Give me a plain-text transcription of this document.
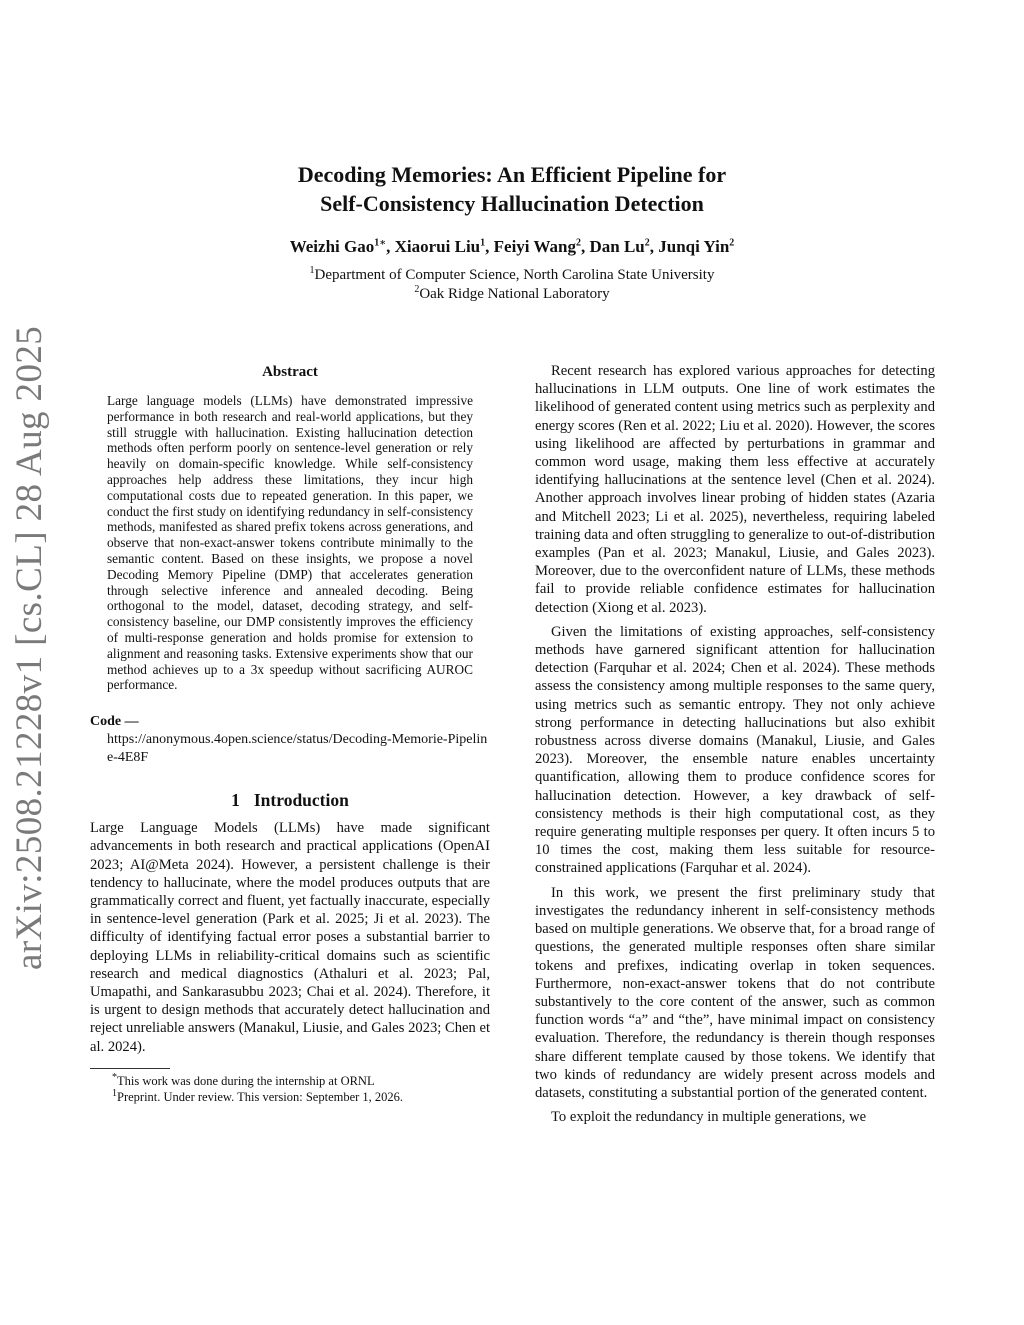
arXiv:2508.21228v1 [cs.CL] 28 Aug 2025
Decoding Memories: An Efficient Pipeline for
Self-Consistency Hallucination Detection
Weizhi Gao$^{1∗}$, Xiaorui Liu$^1$, Feiyi Wang$^2$, Dan Lu$^2$, Junqi Yin$^2$
$^1$Department of Computer Science, North Carolina State University
$^2$Oak Ridge National Laboratory
Abstract

Large language models (LLMs) have demonstrated impressive performance in both research and real-world applications, but they still struggle with hallucination. Existing hallucination detection methods often perform poorly on sentence-level generation or rely heavily on domain-specific knowledge. While self-consistency approaches help address these limitations, they incur high computational costs due to repeated generation. In this paper, we conduct the first study on identifying redundancy in self-consistency methods, manifested as shared prefix tokens across generations, and observe that non-exact-answer tokens contribute minimally to the semantic content. Based on these insights, we propose a novel Decoding Memory Pipeline (DMP) that accelerates generation through selective inference and annealed decoding. Being orthogonal to the model, dataset, decoding strategy, and self-consistency baseline, our DMP consistently improves the efficiency of multi-response generation and holds promise for extension to alignment and reasoning tasks. Extensive experiments show that our method achieves up to a 3x speedup without sacrificing AUROC performance.

Code —
https://anonymous.4open.science/status/Decoding-Memorie-Pipeline-4E8F
1 Introduction

Large Language Models (LLMs) have made significant advancements in both research and practical applications (OpenAI 2023; AI@Meta 2024). However, a persistent challenge is their tendency to hallucinate, where the model produces outputs that are grammatically correct and fluent, yet factually inaccurate, especially in sentence-level generation (Park et al. 2025; Ji et al. 2023). The difficulty of identifying factual error poses a substantial barrier to deploying LLMs in reliability-critical domains such as scientific research and medical diagnostics (Athaluri et al. 2023; Pal, Umapathi, and Sankarasubbu 2023; Chai et al. 2024). Therefore, it is urgent to design methods that accurately detect hallucination and reject unreliable answers (Manakul, Liusie, and Gales 2023; Chen et al. 2024).

*This work was done during the internship at ORNL
$^1$Preprint. Under review. This version: September 1, 2026.

Recent research has explored various approaches for detecting hallucinations in LLM outputs. One line of work estimates the likelihood of generated content using metrics such as perplexity and energy scores (Ren et al. 2022; Liu et al. 2020). However, the scores using likelihood are affected by perturbations in grammar and common word usage, making them less effective at accurately identifying hallucinations at the sentence level (Chen et al. 2024). Another approach involves linear probing of hidden states (Azaria and Mitchell 2023; Li et al. 2025), nevertheless, requiring labeled training data and often struggling to generalize to out-of-distribution examples (Pan et al. 2023; Manakul, Liusie, and Gales 2023). Moreover, due to the overconfident nature of LLMs, these methods fail to provide reliable confidence estimates for hallucination detection (Xiong et al. 2023).

Given the limitations of existing approaches, self-consistency methods have garnered significant attention for hallucination detection (Farquhar et al. 2024; Chen et al. 2024). These methods assess the consistency among multiple responses to the same query, using metrics such as semantic entropy. They not only achieve strong performance in detecting hallucinations but also exhibit robustness across diverse domains (Manakul, Liusie, and Gales 2023). Moreover, the ensemble nature enables uncertainty quantification, allowing them to produce confidence scores for hallucination detection. However, a key drawback of self-consistency methods is their high computational cost, as they require generating multiple responses per query. It often incurs 5 to 10 times the cost, making them less suitable for resource-constrained applications (Farquhar et al. 2024).

In this work, we present the first preliminary study that investigates the redundancy inherent in self-consistency methods based on multiple generations. We observe that, for a broad range of questions, the generated multiple responses often share similar tokens and prefixes, indicating overlap in token sequences. Furthermore, non-exact-answer tokens that do not contribute substantively to the core content of the answer, such as common function words “a” and “the”, have minimal impact on consistency evaluation. Therefore, the redundancy is therein though responses share different template caused by those tokens. We identify that two kinds of redundancy are widely present across models and datasets, constituting a substantial portion of the generated content.

To exploit the redundancy in multiple generations, we
